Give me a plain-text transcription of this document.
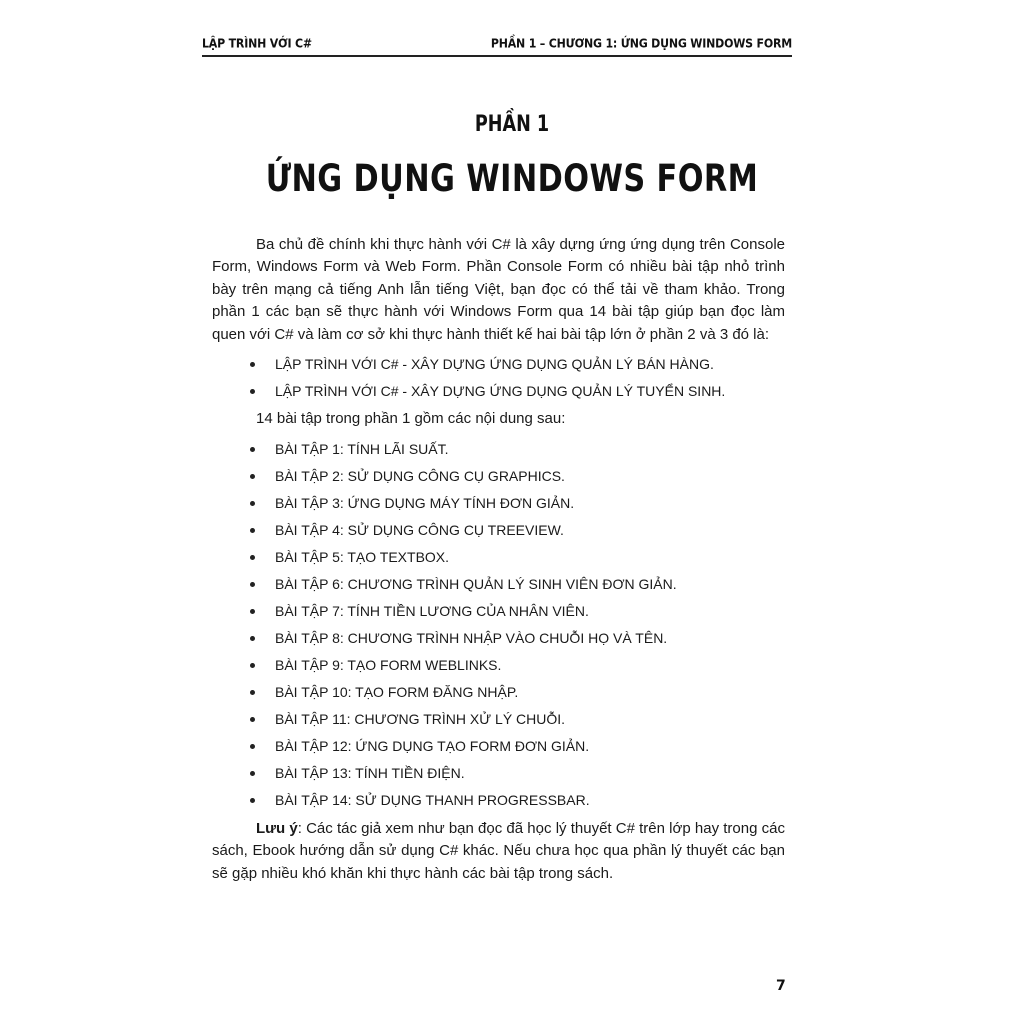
LẬP TRÌNH VỚI C#	PHẦN 1 – CHƯƠNG 1: ỨNG DỤNG WINDOWS FORM
PHẦN 1
ỨNG DỤNG WINDOWS FORM

Ba chủ đề chính khi thực hành với C# là xây dựng ứng ứng dụng trên Console Form, Windows Form và Web Form. Phần Console Form có nhiều bài tập nhỏ trình bày trên mạng cả tiếng Anh lẫn tiếng Việt, bạn đọc có thể tải về tham khảo. Trong phần 1 các bạn sẽ thực hành với Windows Form qua 14 bài tập giúp bạn đọc làm quen với C# và làm cơ sở khi thực hành thiết kế hai bài tập lớn ở phần 2 và 3 đó là:

LẬP TRÌNH VỚI C# - XÂY DỰNG ỨNG DỤNG QUẢN LÝ BÁN HÀNG.
LẬP TRÌNH VỚI C# - XÂY DỰNG ỨNG DỤNG QUẢN LÝ TUYỂN SINH.

14 bài tập trong phần 1 gồm các nội dung sau:

BÀI TẬP 1: TÍNH LÃI SUẤT.
BÀI TẬP 2: SỬ DỤNG CÔNG CỤ GRAPHICS.
BÀI TẬP 3: ỨNG DỤNG MÁY TÍNH ĐƠN GIẢN.
BÀI TẬP 4: SỬ DỤNG CÔNG CỤ TREEVIEW.
BÀI TẬP 5: TẠO TEXTBOX.
BÀI TẬP 6: CHƯƠNG TRÌNH QUẢN LÝ SINH VIÊN ĐƠN GIẢN.
BÀI TẬP 7: TÍNH TIỀN LƯƠNG CỦA NHÂN VIÊN.
BÀI TẬP 8: CHƯƠNG TRÌNH NHẬP VÀO CHUỖI HỌ VÀ TÊN.
BÀI TẬP 9: TẠO FORM WEBLINKS.
BÀI TẬP 10: TẠO FORM ĐĂNG NHẬP.
BÀI TẬP 11: CHƯƠNG TRÌNH XỬ LÝ CHUỖI.
BÀI TẬP 12: ỨNG DỤNG TẠO FORM ĐƠN GIẢN.
BÀI TẬP 13: TÍNH TIỀN ĐIỆN.
BÀI TẬP 14: SỬ DỤNG THANH PROGRESSBAR.

Lưu ý: Các tác giả xem như bạn đọc đã học lý thuyết C# trên lớp hay trong các sách, Ebook hướng dẫn sử dụng C# khác. Nếu chưa học qua phần lý thuyết các bạn sẽ gặp nhiều khó khăn khi thực hành các bài tập trong sách.

7
